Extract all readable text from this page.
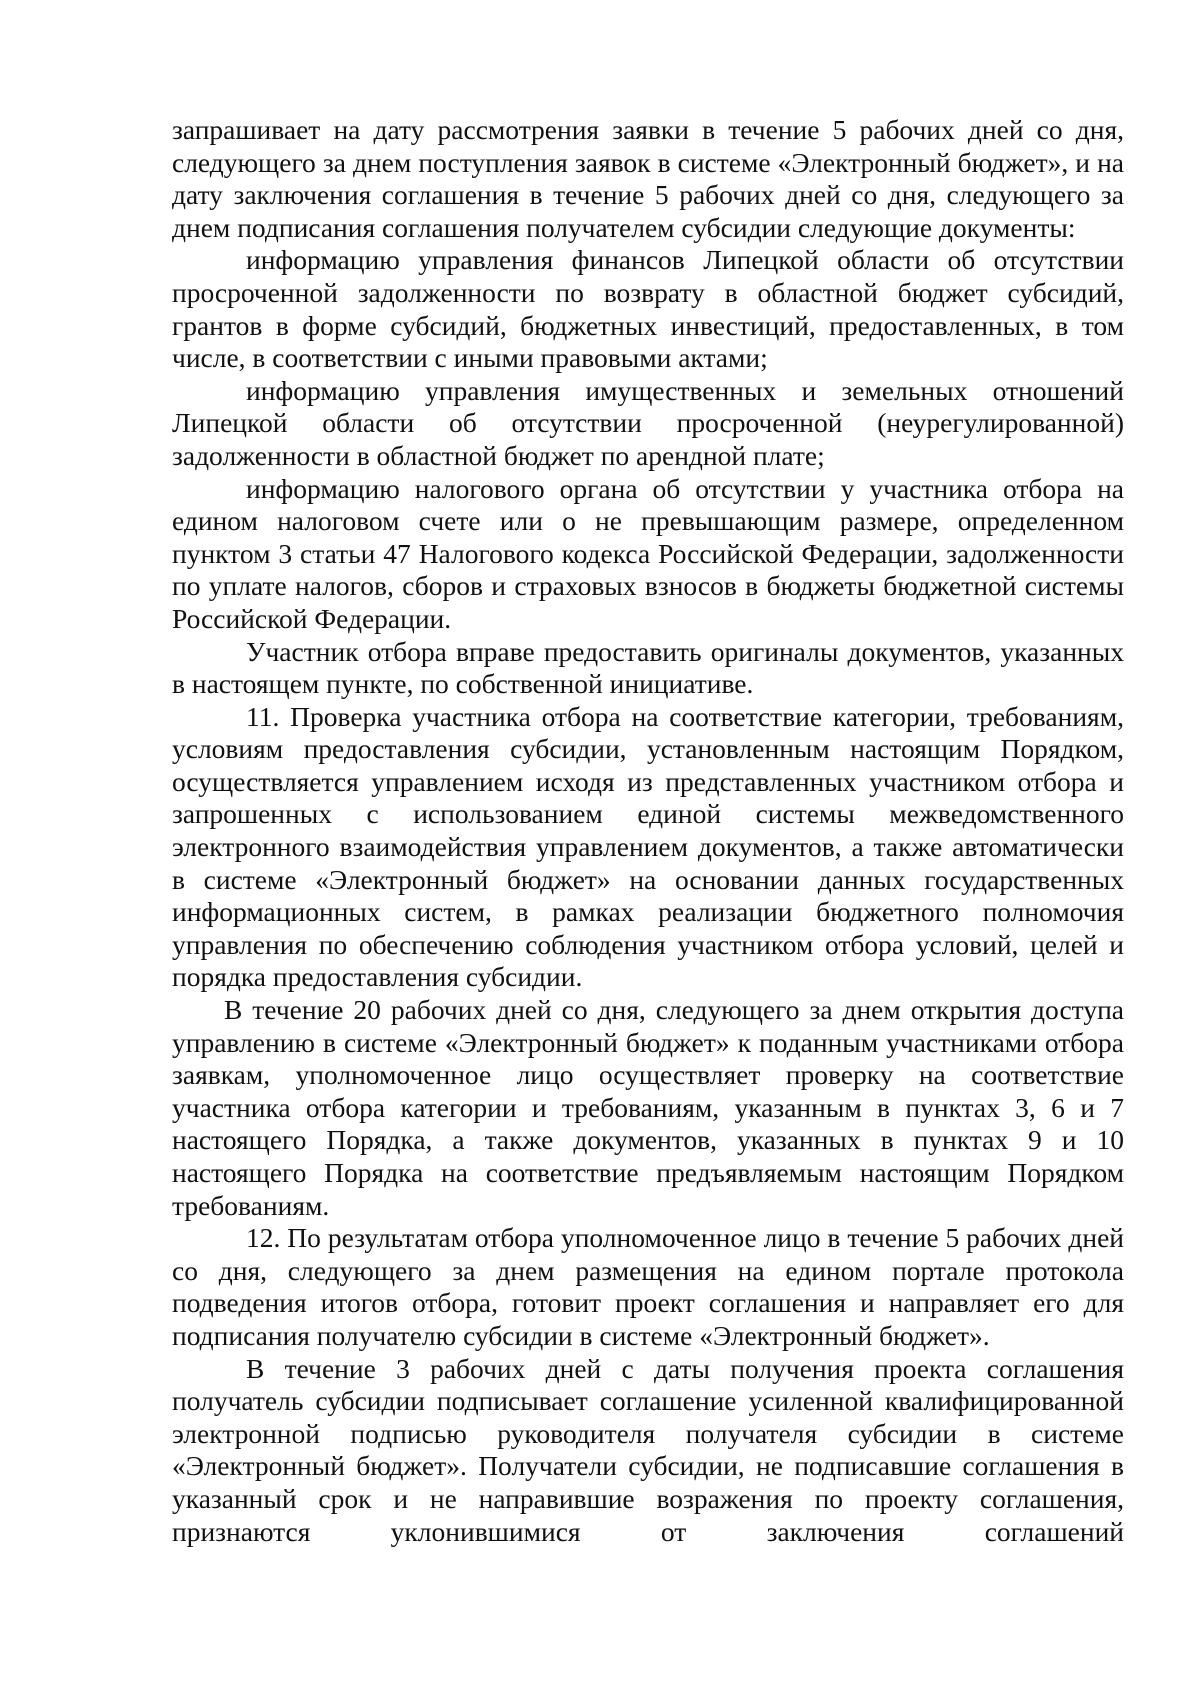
запрашивает на дату рассмотрения заявки в течение 5 рабочих дней со дня, следующего за днем поступления заявок в системе «Электронный бюджет», и на дату заключения соглашения в течение 5 рабочих дней со дня, следующего за днем подписания соглашения получателем субсидии следующие документы:

информацию управления финансов Липецкой области об отсутствии просроченной задолженности по возврату в областной бюджет субсидий, грантов в форме субсидий, бюджетных инвестиций, предоставленных, в том числе, в соответствии с иными правовыми актами;

информацию управления имущественных и земельных отношений Липецкой области об отсутствии просроченной (неурегулированной) задолженности в областной бюджет по арендной плате;

информацию налогового органа об отсутствии у участника отбора на едином налоговом счете или о не превышающим размере, определенном пунктом 3 статьи 47 Налогового кодекса Российской Федерации, задолженности по уплате налогов, сборов и страховых взносов в бюджеты бюджетной системы Российской Федерации.

Участник отбора вправе предоставить оригиналы документов, указанных в настоящем пункте, по собственной инициативе.

11. Проверка участника отбора на соответствие категории, требованиям, условиям предоставления субсидии, установленным настоящим Порядком, осуществляется управлением исходя из представленных участником отбора и запрошенных с использованием единой системы межведомственного электронного взаимодействия управлением документов, а также автоматически в системе «Электронный бюджет» на основании данных государственных информационных систем, в рамках реализации бюджетного полномочия управления по обеспечению соблюдения участником отбора условий, целей и порядка предоставления субсидии.

В течение 20 рабочих дней со дня, следующего за днем открытия доступа управлению в системе «Электронный бюджет» к поданным участниками отбора заявкам, уполномоченное лицо осуществляет проверку на соответствие участника отбора категории и требованиям, указанным в пунктах 3, 6 и 7 настоящего Порядка, а также документов, указанных в пунктах 9 и 10 настоящего Порядка на соответствие предъявляемым настоящим Порядком требованиям.

12. По результатам отбора уполномоченное лицо в течение 5 рабочих дней со дня, следующего за днем размещения на едином портале протокола подведения итогов отбора, готовит проект соглашения и направляет его для подписания получателю субсидии в системе «Электронный бюджет».

В течение 3 рабочих дней с даты получения проекта соглашения получатель субсидии подписывает соглашение усиленной квалифицированной электронной подписью руководителя получателя субсидии в системе «Электронный бюджет». Получатели субсидии, не подписавшие соглашения в указанный срок и не направившие возражения по проекту соглашения, признаются уклонившимися от заключения соглашений
